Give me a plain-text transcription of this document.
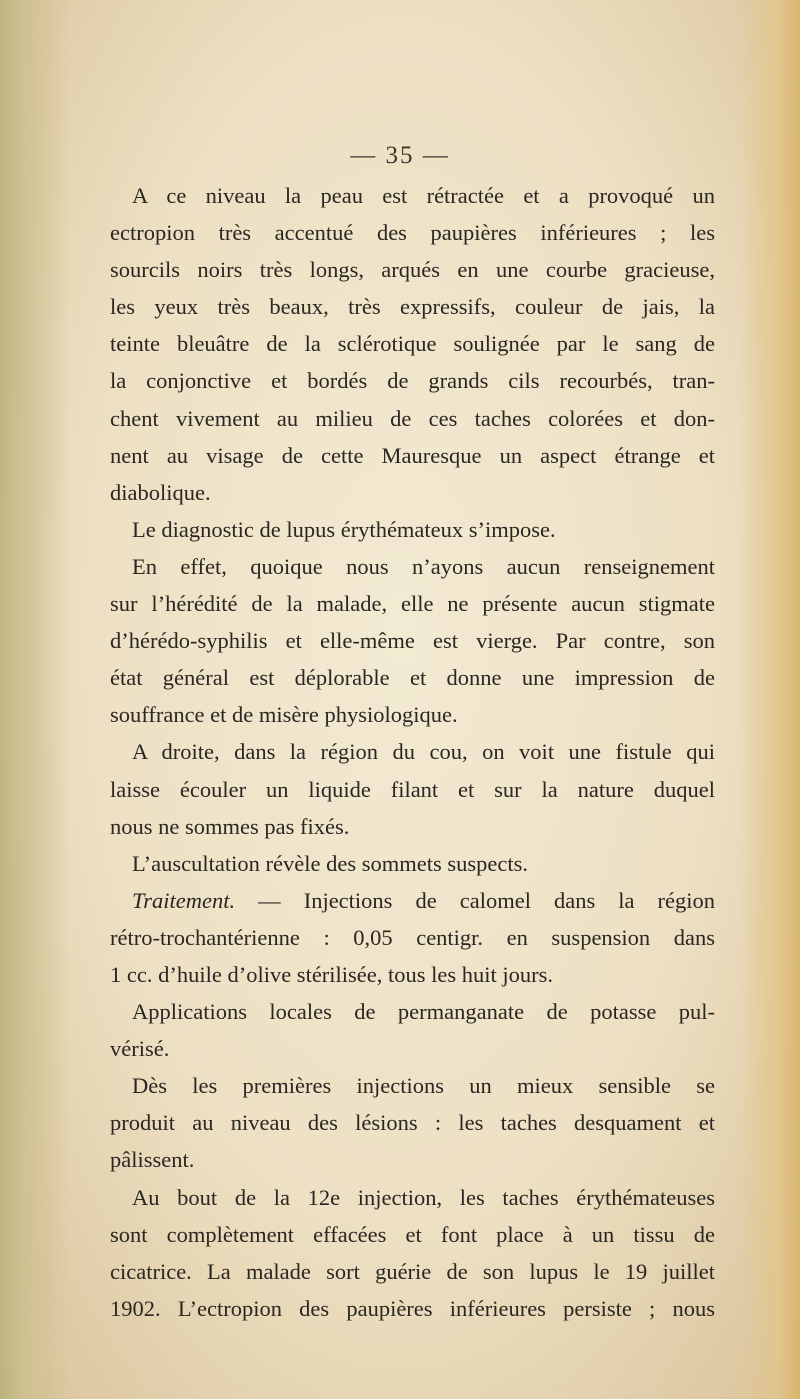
— 35 —

A ce niveau la peau est rétractée et a provoqué un

ectropion très accentué des paupières inférieures ; les

sourcils noirs très longs, arqués en une courbe gracieuse,

les yeux très beaux, très expressifs, couleur de jais, la

teinte bleuâtre de la sclérotique soulignée par le sang de

la conjonctive et bordés de grands cils recourbés, tran-

chent vivement au milieu de ces taches colorées et don-

nent au visage de cette Mauresque un aspect étrange et

diabolique.

Le diagnostic de lupus érythémateux s’impose.

En effet, quoique nous n’ayons aucun renseignement

sur l’hérédité de la malade, elle ne présente aucun stigmate

d’hérédo-syphilis et elle-même est vierge. Par contre, son

état général est déplorable et donne une impression de

souffrance et de misère physiologique.

A droite, dans la région du cou, on voit une fistule qui

laisse écouler un liquide filant et sur la nature duquel

nous ne sommes pas fixés.

L’auscultation révèle des sommets suspects.

Traitement. — Injections de calomel dans la région

rétro-trochantérienne : 0,05 centigr. en suspension dans

1 cc. d’huile d’olive stérilisée, tous les huit jours.

Applications locales de permanganate de potasse pul-

vérisé.

Dès les premières injections un mieux sensible se

produit au niveau des lésions : les taches desquament et

pâlissent.

Au bout de la 12e injection, les taches érythémateuses

sont complètement effacées et font place à un tissu de

cicatrice. La malade sort guérie de son lupus le 19 juillet

1902. L’ectropion des paupières inférieures persiste ; nous
